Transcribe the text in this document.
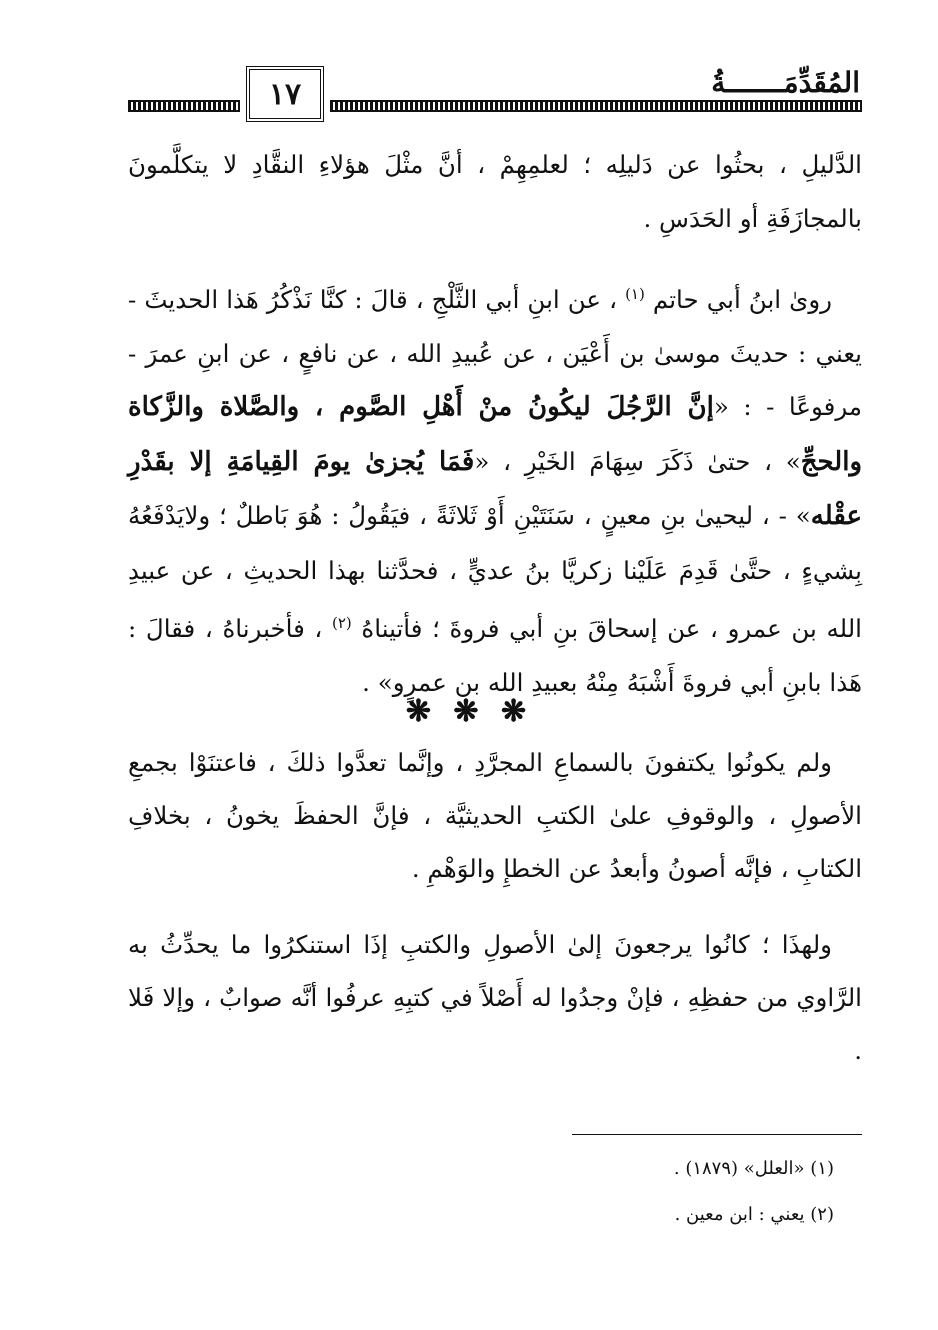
المُقَدِّمَـــــــةُ
١٧

الدَّليلِ ، بحثُوا عن دَليلِه ؛ لعلمِهِمْ ، أنَّ مثْلَ هؤلاءِ النقَّادِ لا يتكلَّمونَ بالمجازَفَةِ أو الحَدَسِ .

روىٰ ابنُ أبي حاتم $^{(١)}$ ، عن ابنِ أبي الثَّلْجِ ، قالَ : كنَّا نَذْكُرُ هَذا الحديثَ - يعني : حديثَ موسىٰ بن أَعْيَن ، عن عُبيدِ الله ، عن نافعٍ ، عن ابنِ عمرَ - مرفوعًا - : «إنَّ الرَّجُلَ ليكُونُ منْ أَهْلِ الصَّوم ، والصَّلاة والزَّكاة والحجِّ» ، حتىٰ ذَكَرَ سِهَامَ الخَيْرِ ، «فَمَا يُجزىٰ يومَ القِيامَةِ إلا بقَدْرِ عقْله» - ، ليحيىٰ بنِ معينٍ ، سَنَتَيْنِ أَوْ ثَلاثَةً ، فيَقُولُ : هُوَ بَاطلٌ ؛ ولايَدْفَعُهُ بِشيءٍ ، حتَّىٰ قَدِمَ عَلَيْنا زكريَّا بنُ عديٍّ ، فحدَّثنا بهذا الحديثِ ، عن عبيدِ الله بن عمرو ، عن إسحاقَ بنِ أبي فروةَ ؛ فأتيناهُ $^{(٢)}$ ، فأخبرناهُ ، فقالَ : هَذا بابنِ أبي فروةَ أَشْبَهُ مِنْهُ بعبيدِ الله بن عمرٍو» .

❋ ❋ ❋

ولم يكونُوا يكتفونَ بالسماعِ المجرَّدِ ، وإنَّما تعدَّوا ذلكَ ، فاعتنَوْا بجمعِ الأصولِ ، والوقوفِ علىٰ الكتبِ الحديثيَّة ، فإنَّ الحفظَ يخونُ ، بخلافِ الكتابِ ، فإنَّه أصونُ وأبعدُ عن الخطإِ والوَهْمِ .

ولهذَا ؛ كانُوا يرجعونَ إلىٰ الأصولِ والكتبِ إذَا استنكرُوا ما يحدِّثُ به الرَّاوي من حفظِهِ ، فإنْ وجدُوا له أَصْلاً في كتبِهِ عرفُوا أنَّه صوابٌ ، وإلا فَلا .

(١) «العلل» (١٨٧٩) .
(٢) يعني : ابن معين .
